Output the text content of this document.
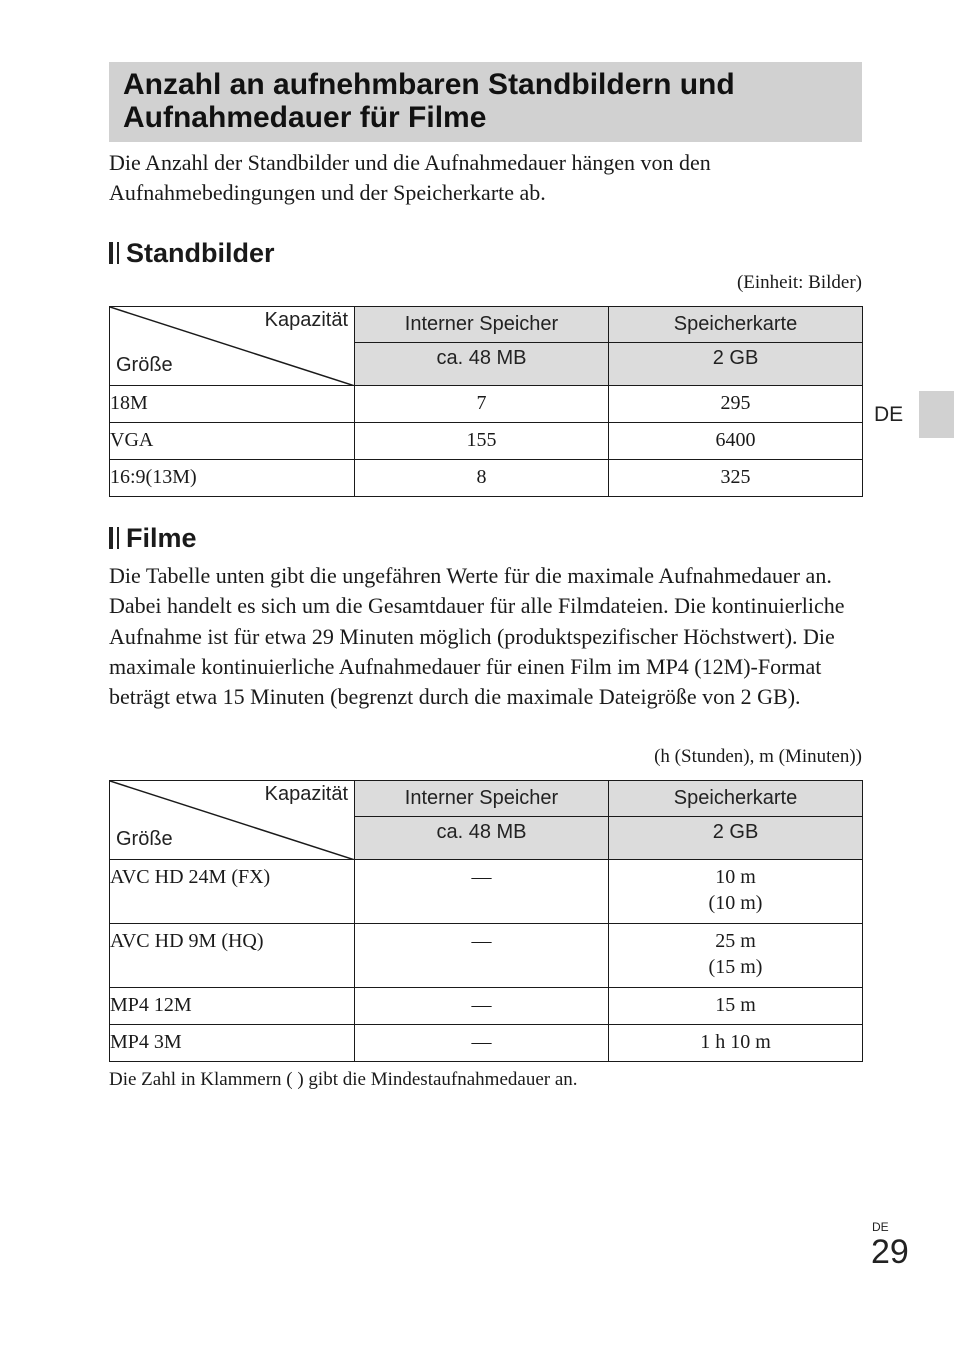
Anzahl an aufnehmbaren Standbildern und Aufnahmedauer für Filme

Die Anzahl der Standbilder und die Aufnahmedauer hängen von den Aufnahmebedingungen und der Speicherkarte ab.

Standbilder
(Einheit: Bilder)
Kapazität
Größe	Interner Speicher	Speicherkarte
	ca. 48 MB	2 GB
18M	7	295
VGA	155	6400
16:9(13M)	8	325
DE
Filme

Die Tabelle unten gibt die ungefähren Werte für die maximale Aufnahmedauer an. Dabei handelt es sich um die Gesamtdauer für alle Filmdateien. Die kontinuierliche Aufnahme ist für etwa 29 Minuten möglich (produktspezifischer Höchstwert). Die maximale kontinuierliche Aufnahmedauer für einen Film im MP4 (12M)-Format beträgt etwa 15 Minuten (begrenzt durch die maximale Dateigröße von 2 GB).

(h (Stunden), m (Minuten))
Kapazität
Größe	Interner Speicher	Speicherkarte
	ca. 48 MB	2 GB
AVC HD 24M (FX)	—	10 m
(10 m)

AVC HD 9M (HQ)	—	25 m
(15 m)

MP4 12M	—	15 m
MP4 3M	—	1 h 10 m

Die Zahl in Klammern ( ) gibt die Mindestaufnahmedauer an.

DE
29
